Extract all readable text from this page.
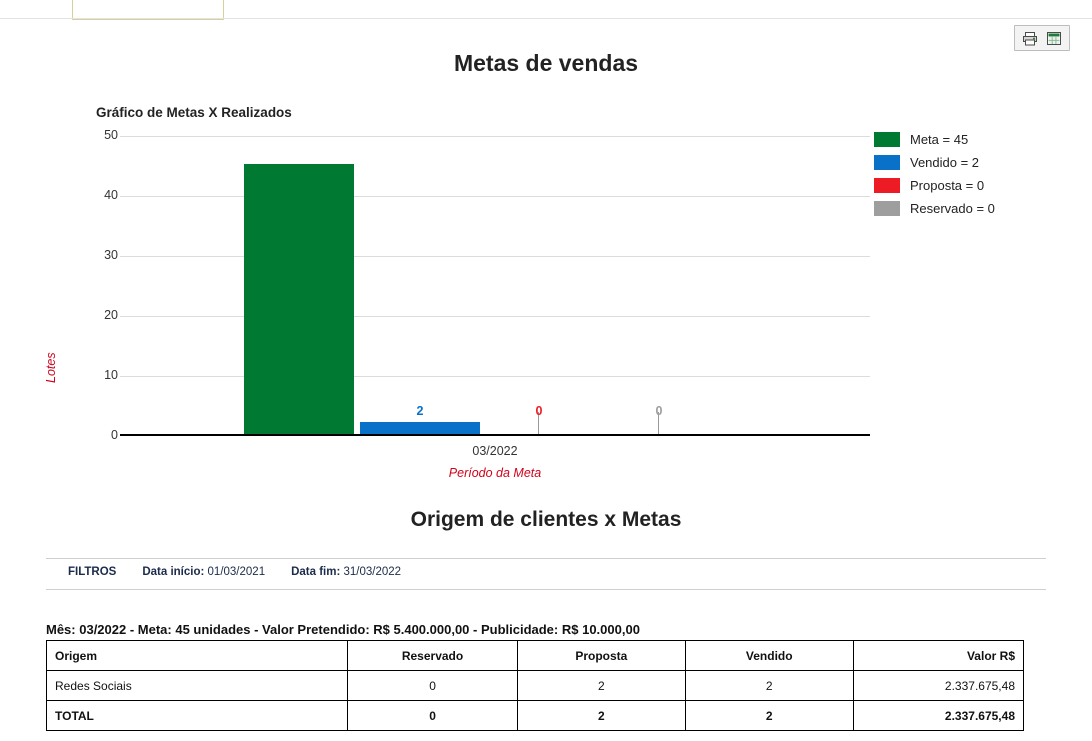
Metas de vendas
Gráfico de Metas X Realizados
50
40
30
20
10
0
45
2	0	0
Lotes
03/2022
Período da Meta
Meta = 45
Vendido = 2
Proposta = 0
Reservado = 0
Origem de clientes x Metas
FILTROS Data início: 01/03/2021 Data fim: 31/03/2022
Mês: 03/2022 - Meta: 45 unidades - Valor Pretendido: R$ 5.400.000,00 - Publicidade: R$ 10.000,00
Origem	Reservado	Proposta	Vendido	Valor R$
Redes Sociais	0	2	2	2.337.675,48
TOTAL	0	2	2	2.337.675,48
